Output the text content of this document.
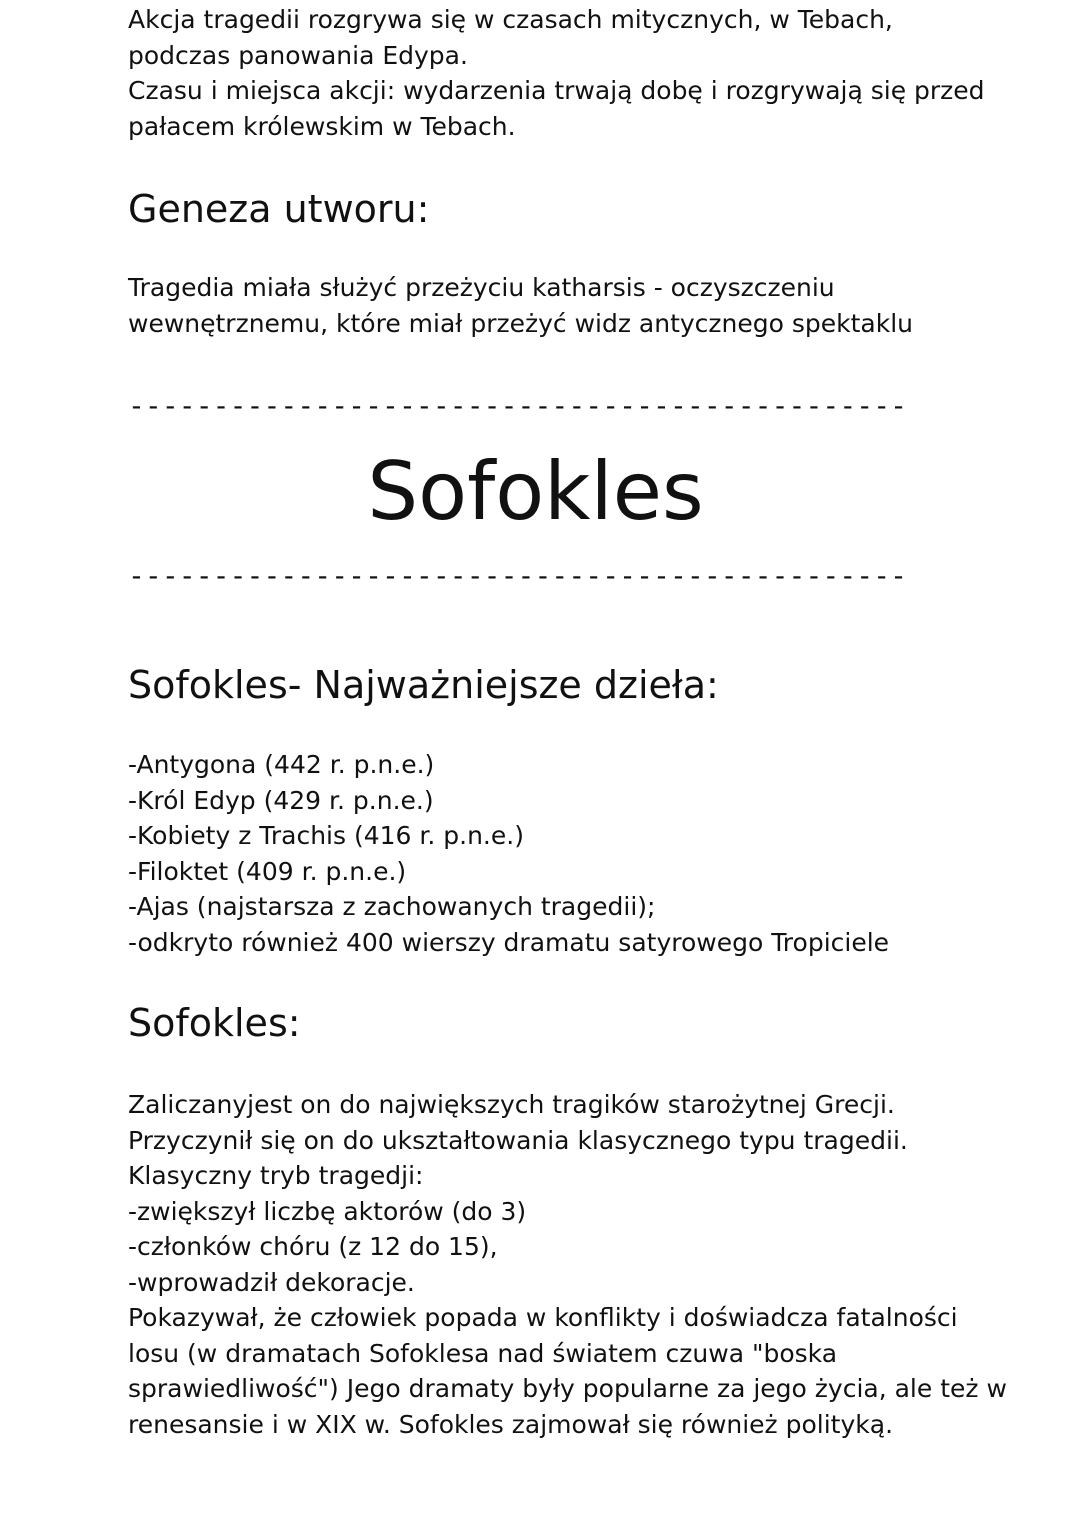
Akcja tragedii rozgrywa się w czasach mitycznych, w Tebach,
podczas panowania Edypa.
Czasu i miejsca akcji: wydarzenia trwają dobę i rozgrywają się przed
pałacem królewskim w Tebach.
Geneza utworu:
Tragedia miała służyć przeżyciu katharsis - oczyszczeniu
wewnętrznemu, które miał przeżyć widz antycznego spektaklu
----------------------------------------------
Sofokles
----------------------------------------------
Sofokles- Najważniejsze dzieła:
-Antygona (442 r. p.n.e.)
-Król Edyp (429 r. p.n.e.)
-Kobiety z Trachis (416 r. p.n.e.)
-Filoktet (409 r. p.n.e.)
-Ajas (najstarsza z zachowanych tragedii);
-odkryto również 400 wierszy dramatu satyrowego Tropiciele
Sofokles:
Zaliczanyjest on do największych tragików starożytnej Grecji.
Przyczynił się on do ukształtowania klasycznego typu tragedii.
Klasyczny tryb tragedji:
-zwiększył liczbę aktorów (do 3)
-członków chóru (z 12 do 15),
-wprowadził dekoracje.
Pokazywał, że człowiek popada w konflikty i doświadcza fatalności
losu (w dramatach Sofoklesa nad światem czuwa "boska
sprawiedliwość") Jego dramaty były popularne za jego życia, ale też w
renesansie i w XIX w. Sofokles zajmował się również polityką.
